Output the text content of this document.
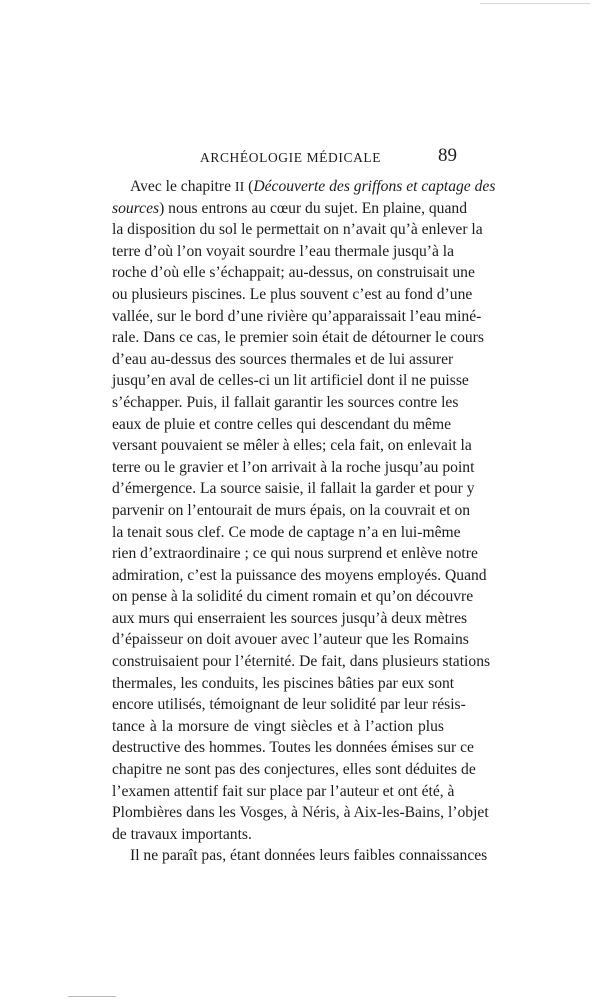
ARCHÉOLOGIE MÉDICALE	89
Avec le chapitre II (Découverte des griffons et captage des
sources) nous entrons au cœur du sujet. En plaine, quand
la disposition du sol le permettait on n’avait qu’à enlever la
terre d’où l’on voyait sourdre l’eau thermale jusqu’à la
roche d’où elle s’échappait; au-dessus, on construisait une
ou plusieurs piscines. Le plus souvent c’est au fond d’une
vallée, sur le bord d’une rivière qu’apparaissait l’eau miné-
rale. Dans ce cas, le premier soin était de détourner le cours
d’eau au-dessus des sources thermales et de lui assurer
jusqu’en aval de celles-ci un lit artificiel dont il ne puisse
s’échapper. Puis, il fallait garantir les sources contre les
eaux de pluie et contre celles qui descendant du même
versant pouvaient se mêler à elles; cela fait, on enlevait la
terre ou le gravier et l’on arrivait à la roche jusqu’au point
d’émergence. La source saisie, il fallait la garder et pour y
parvenir on l’entourait de murs épais, on la couvrait et on
la tenait sous clef. Ce mode de captage n’a en lui-même
rien d’extraordinaire ; ce qui nous surprend et enlève notre
admiration, c’est la puissance des moyens employés. Quand
on pense à la solidité du ciment romain et qu’on découvre
aux murs qui enserraient les sources jusqu’à deux mètres
d’épaisseur on doit avouer avec l’auteur que les Romains
construisaient pour l’éternité. De fait, dans plusieurs stations
thermales, les conduits, les piscines bâties par eux sont
encore utilisés, témoignant de leur solidité par leur résis-
tance à la morsure de vingt siècles et à l’action plus
destructive des hommes. Toutes les données émises sur ce
chapitre ne sont pas des conjectures, elles sont déduites de
l’examen attentif fait sur place par l’auteur et ont été, à
Plombières dans les Vosges, à Néris, à Aix-les-Bains, l’objet
de travaux importants.
Il ne paraît pas, étant données leurs faibles connaissances
